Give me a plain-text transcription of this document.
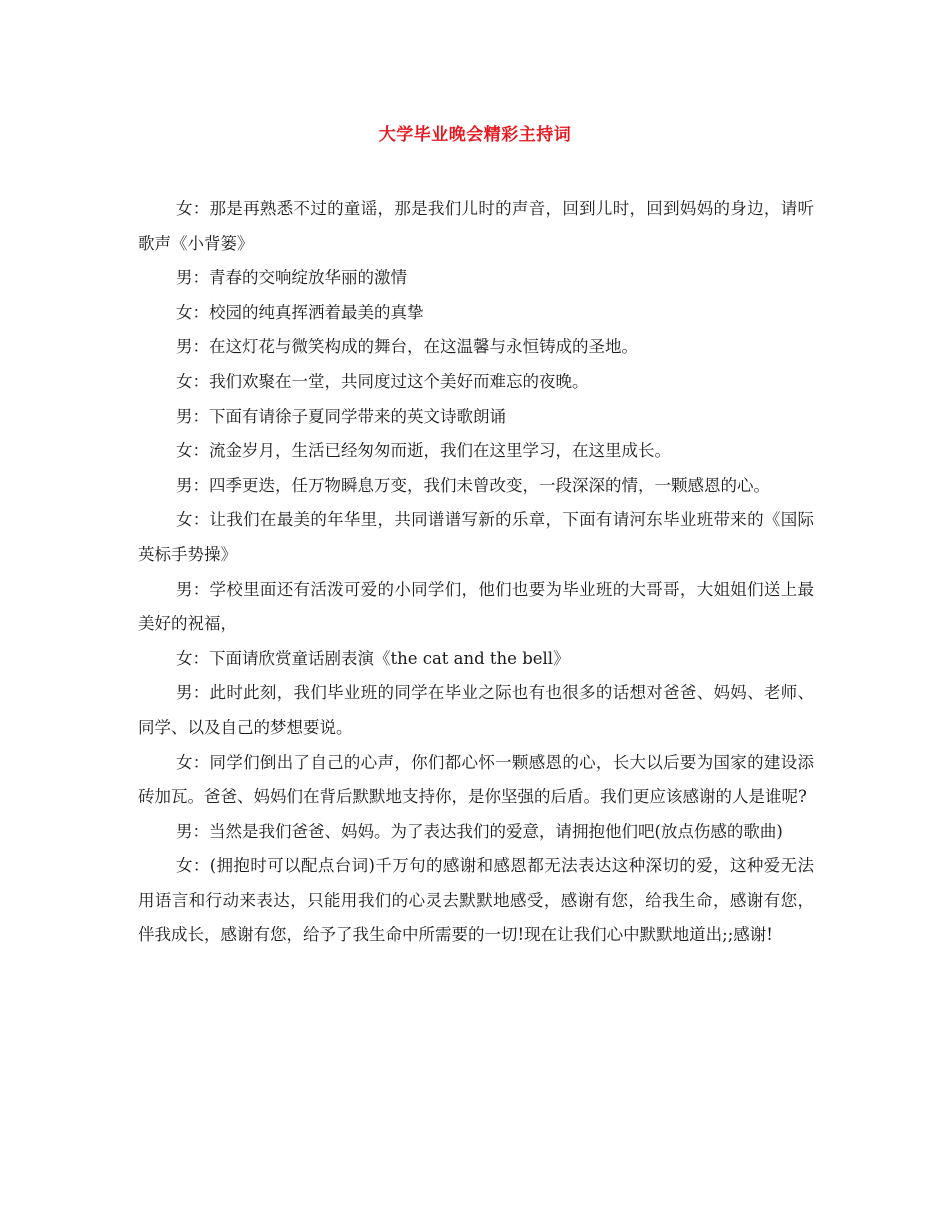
大学毕业晚会精彩主持词

女：那是再熟悉不过的童谣，那是我们儿时的声音，回到儿时，回到妈妈的身边，请听歌声《小背篓》

男：青春的交响绽放华丽的激情

女：校园的纯真挥洒着最美的真挚

男：在这灯花与微笑构成的舞台，在这温馨与永恒铸成的圣地。

女：我们欢聚在一堂，共同度过这个美好而难忘的夜晚。

男：下面有请徐子夏同学带来的英文诗歌朗诵

女：流金岁月，生活已经匆匆而逝，我们在这里学习，在这里成长。

男：四季更迭，任万物瞬息万变，我们未曾改变，一段深深的情，一颗感恩的心。

女：让我们在最美的年华里，共同谱谱写新的乐章，下面有请河东毕业班带来的《国际英标手势操》

男：学校里面还有活泼可爱的小同学们，他们也要为毕业班的大哥哥，大姐姐们送上最美好的祝福，

女：下面请欣赏童话剧表演《the cat and the bell》

男：此时此刻，我们毕业班的同学在毕业之际也有也很多的话想对爸爸、妈妈、老师、同学、以及自己的梦想要说。

女：同学们倒出了自己的心声，你们都心怀一颗感恩的心，长大以后要为国家的建设添砖加瓦。爸爸、妈妈们在背后默默地支持你，是你坚强的后盾。我们更应该感谢的人是谁呢?

男：当然是我们爸爸、妈妈。为了表达我们的爱意，请拥抱他们吧(放点伤感的歌曲)

女：(拥抱时可以配点台词)千万句的感谢和感恩都无法表达这种深切的爱，这种爱无法用语言和行动来表达，只能用我们的心灵去默默地感受，感谢有您，给我生命，感谢有您，伴我成长，感谢有您，给予了我生命中所需要的一切!现在让我们心中默默地道出;;感谢!
